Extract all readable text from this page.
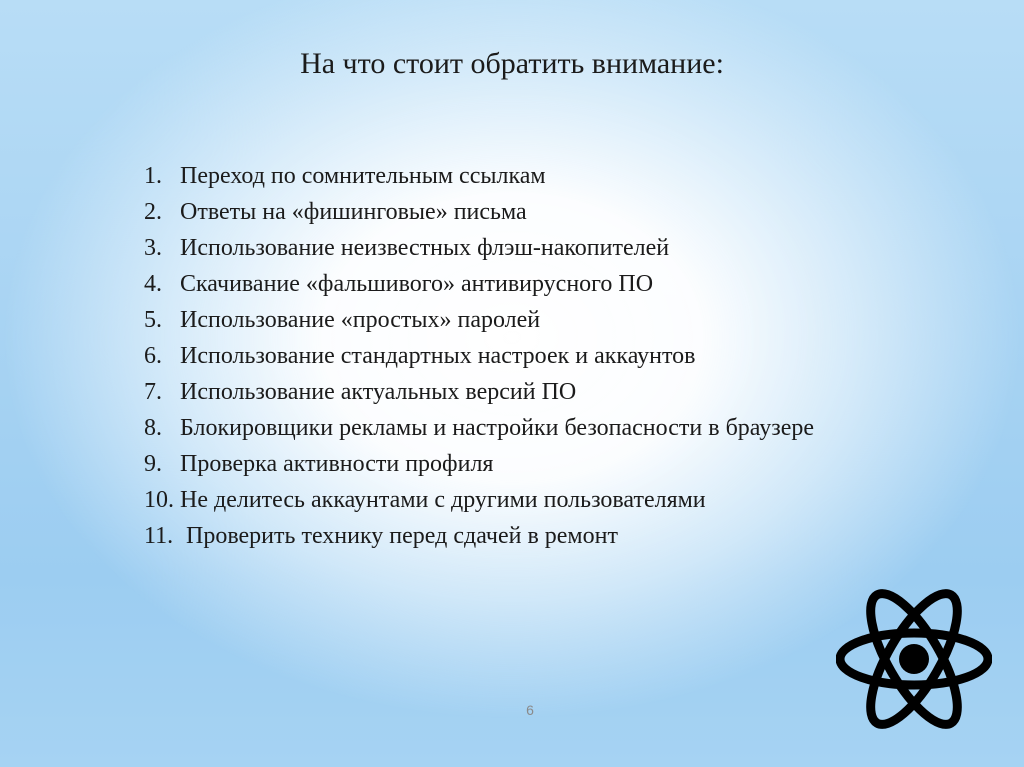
На что стоит обратить внимание:
1. Переход по сомнительным ссылкам
2. Ответы на «фишинговые» письма
3. Использование неизвестных флэш-накопителей
4. Скачивание «фальшивого» антивирусного ПО
5. Использование «простых» паролей
6. Использование стандартных настроек и аккаунтов
7. Использование актуальных версий ПО
8. Блокировщики рекламы и настройки безопасности в браузере
9. Проверка активности профиля
10. Не делитесь аккаунтами с другими пользователями
11. Проверить технику перед сдачей в ремонт
6
